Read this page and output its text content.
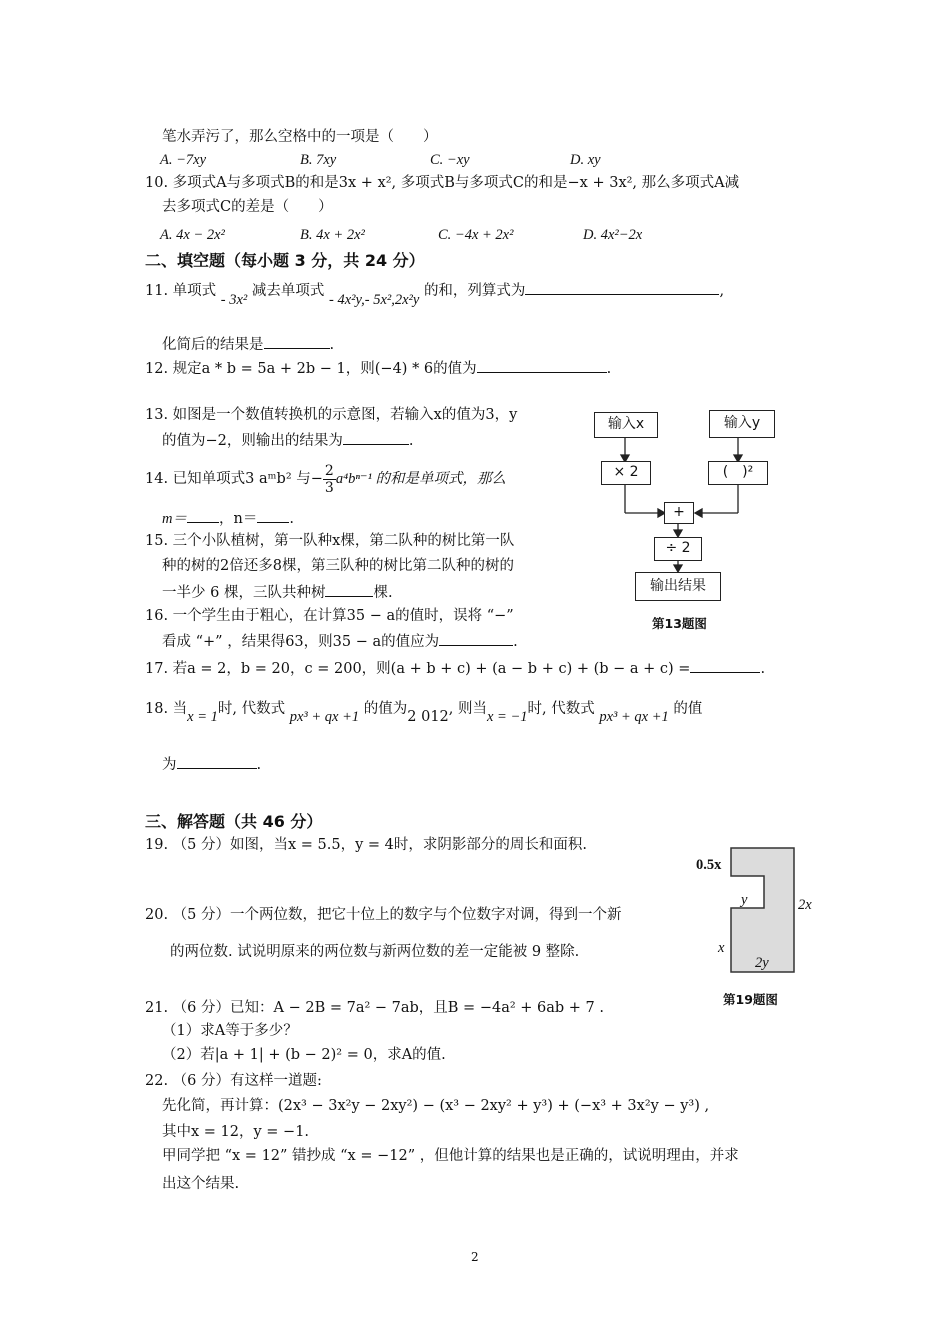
笔水弄污了，那么空格中的一项是（　　）
A. −7xy	B. 7xy	C. −xy	D. xy
10. 多项式A与多项式B的和是3x + x², 多项式B与多项式C的和是−x + 3x², 那么多项式A减
去多项式C的差是（　　）
A. 4x − 2x²	B. 4x + 2x²	C. −4x + 2x²	D. 4x²−2x
二、填空题（每小题 3 分，共 24 分）
11. 单项式 - 3x² 减去单项式 - 4x²y,- 5x²,2x²y 的和，列算式为	,
化简后的结果是	.
12. 规定a * b = 5a + 2b − 1，则(−4) * 6的值为	.
13. 如图是一个数值转换机的示意图，若输入x的值为3，y
的值为−2，则输出的结果为	.
14. 已知单项式3 aᵐb² 与− $\frac{2}{3} a^4b^{n-1}$ 的和是单项式，那么
m＝ ，n＝ .
15. 三个小队植树，第一队种x棵，第二队种的树比第一队
种的树的2倍还多8棵，第三队种的树比第二队种的树的
一半少 6 棵，三队共种树	棵.
16. 一个学生由于粗心，在计算35 − a的值时，误将 “−”
看成 “+” ，结果得63，则35 − a的值应为	.
17. 若a = 2，b = 20，c = 200，则(a + b + c) + (a − b + c) + (b − a + c) =	.
18. 当x = 1时, 代数式 px³ + qx +1 的值为2 012, 则当x = −1时, 代数式 px³ + qx +1 的值
为	.
三、解答题（共 46 分）
19. （5 分）如图，当x = 5.5，y = 4时，求阴影部分的周长和面积.
20. （5 分）一个两位数，把它十位上的数字与个位数字对调，得到一个新
的两位数. 试说明原来的两位数与新两位数的差一定能被 9 整除.
21. （6 分）已知：A − 2B = 7a² − 7ab，且B = −4a² + 6ab + 7 .
（1）求A等于多少？
（2）若|a + 1| + (b − 2)² = 0，求A的值.
22. （6 分）有这样一道题:
先化简，再计算：(2x³ − 3x²y − 2xy²) − (x³ − 2xy² + y³) + (−x³ + 3x²y − y³) ,
其中x = 12，y = −1.
甲同学把 “x = 12” 错抄成 “x = −12” ，但他计算的结果也是正确的，试说明理由，并求
出这个结果.
输入x	输入y
× 2	(　)²
+
÷ 2
输出结果
第13题图
0.5x
y	2x
x
2y
第19题图
2
